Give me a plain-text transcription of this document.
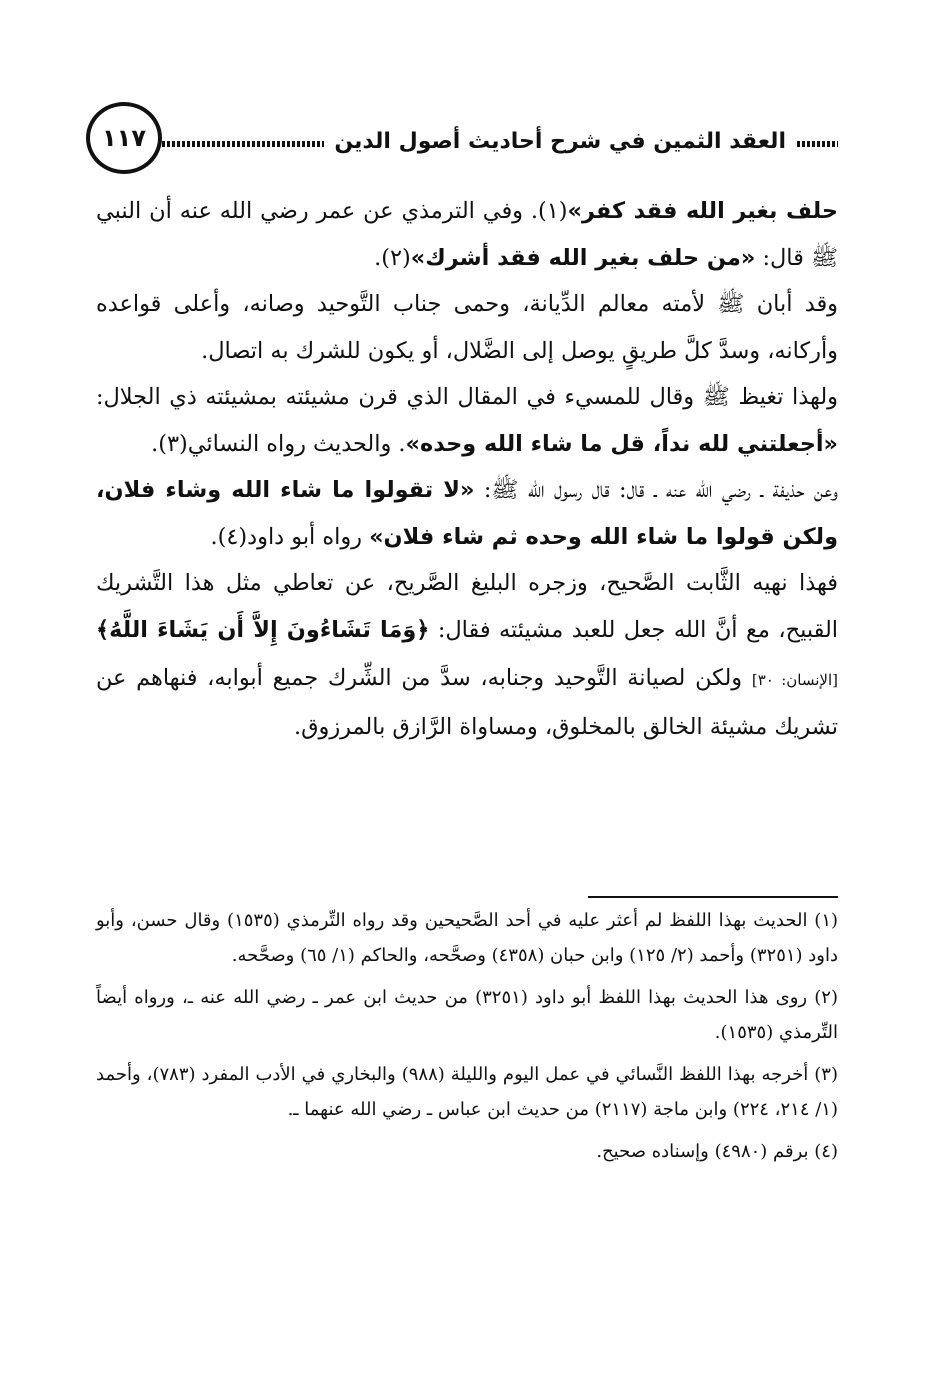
١١٧	العقد الثمين في شرح أحاديث أصول الدين

حلف بغير الله فقد كفر»(١). وفي الترمذي عن عمر رضي الله عنه أن النبي ﷺ قال: «من حلف بغير الله فقد أشرك»(٢).

وقد أبان ﷺ لأمته معالم الدِّيانة، وحمى جناب التَّوحيد وصانه، وأعلى قواعده وأركانه، وسدَّ كلَّ طريقٍ يوصل إلى الضَّلال، أو يكون للشرك به اتصال.

ولهذا تغيظ ﷺ وقال للمسيء في المقال الذي قرن مشيئته بمشيئته ذي الجلال: «أجعلتني لله نداً، قل ما شاء الله وحده». والحديث رواه النسائي(٣).

وعن حذيفة ـ رضي الله عنه ـ قال: قال رسول الله ﷺ: «لا تقولوا ما شاء الله وشاء فلان، ولكن قولوا ما شاء الله وحده ثم شاء فلان» رواه أبو داود(٤).

فهذا نهيه الثَّابت الصَّحيح، وزجره البليغ الصَّريح، عن تعاطي مثل هذا التَّشريك القبيح، مع أنَّ الله جعل للعبد مشيئته فقال: ﴿وَمَا تَشَاءُونَ إِلاَّ أَن يَشَاءَ اللَّهُ﴾ [الإنسان: ٣٠] ولكن لصيانة التَّوحيد وجنابه، سدَّ من الشِّرك جميع أبوابه، فنهاهم عن تشريك مشيئة الخالق بالمخلوق، ومساواة الرَّازق بالمرزوق.

(١) الحديث بهذا اللفظ لم أعثر عليه في أحد الصَّحيحين وقد رواه التِّرمذي (١٥٣٥) وقال حسن، وأبو داود (٣٢٥١) وأحمد (٢/ ١٢٥) وابن حبان (٤٣٥٨) وصحَّحه، والحاكم (١/ ٦٥) وصحَّحه.

(٢) روى هذا الحديث بهذا اللفظ أبو داود (٣٢٥١) من حديث ابن عمر ـ رضي الله عنه ـ، ورواه أيضاً التِّرمذي (١٥٣٥).

(٣) أخرجه بهذا اللفظ النَّسائي في عمل اليوم والليلة (٩٨٨) والبخاري في الأدب المفرد (٧٨٣)، وأحمد (١/ ٢١٤، ٢٢٤) وابن ماجة (٢١١٧) من حديث ابن عباس ـ رضي الله عنهما ـ.

(٤) برقم (٤٩٨٠) وإسناده صحيح.
